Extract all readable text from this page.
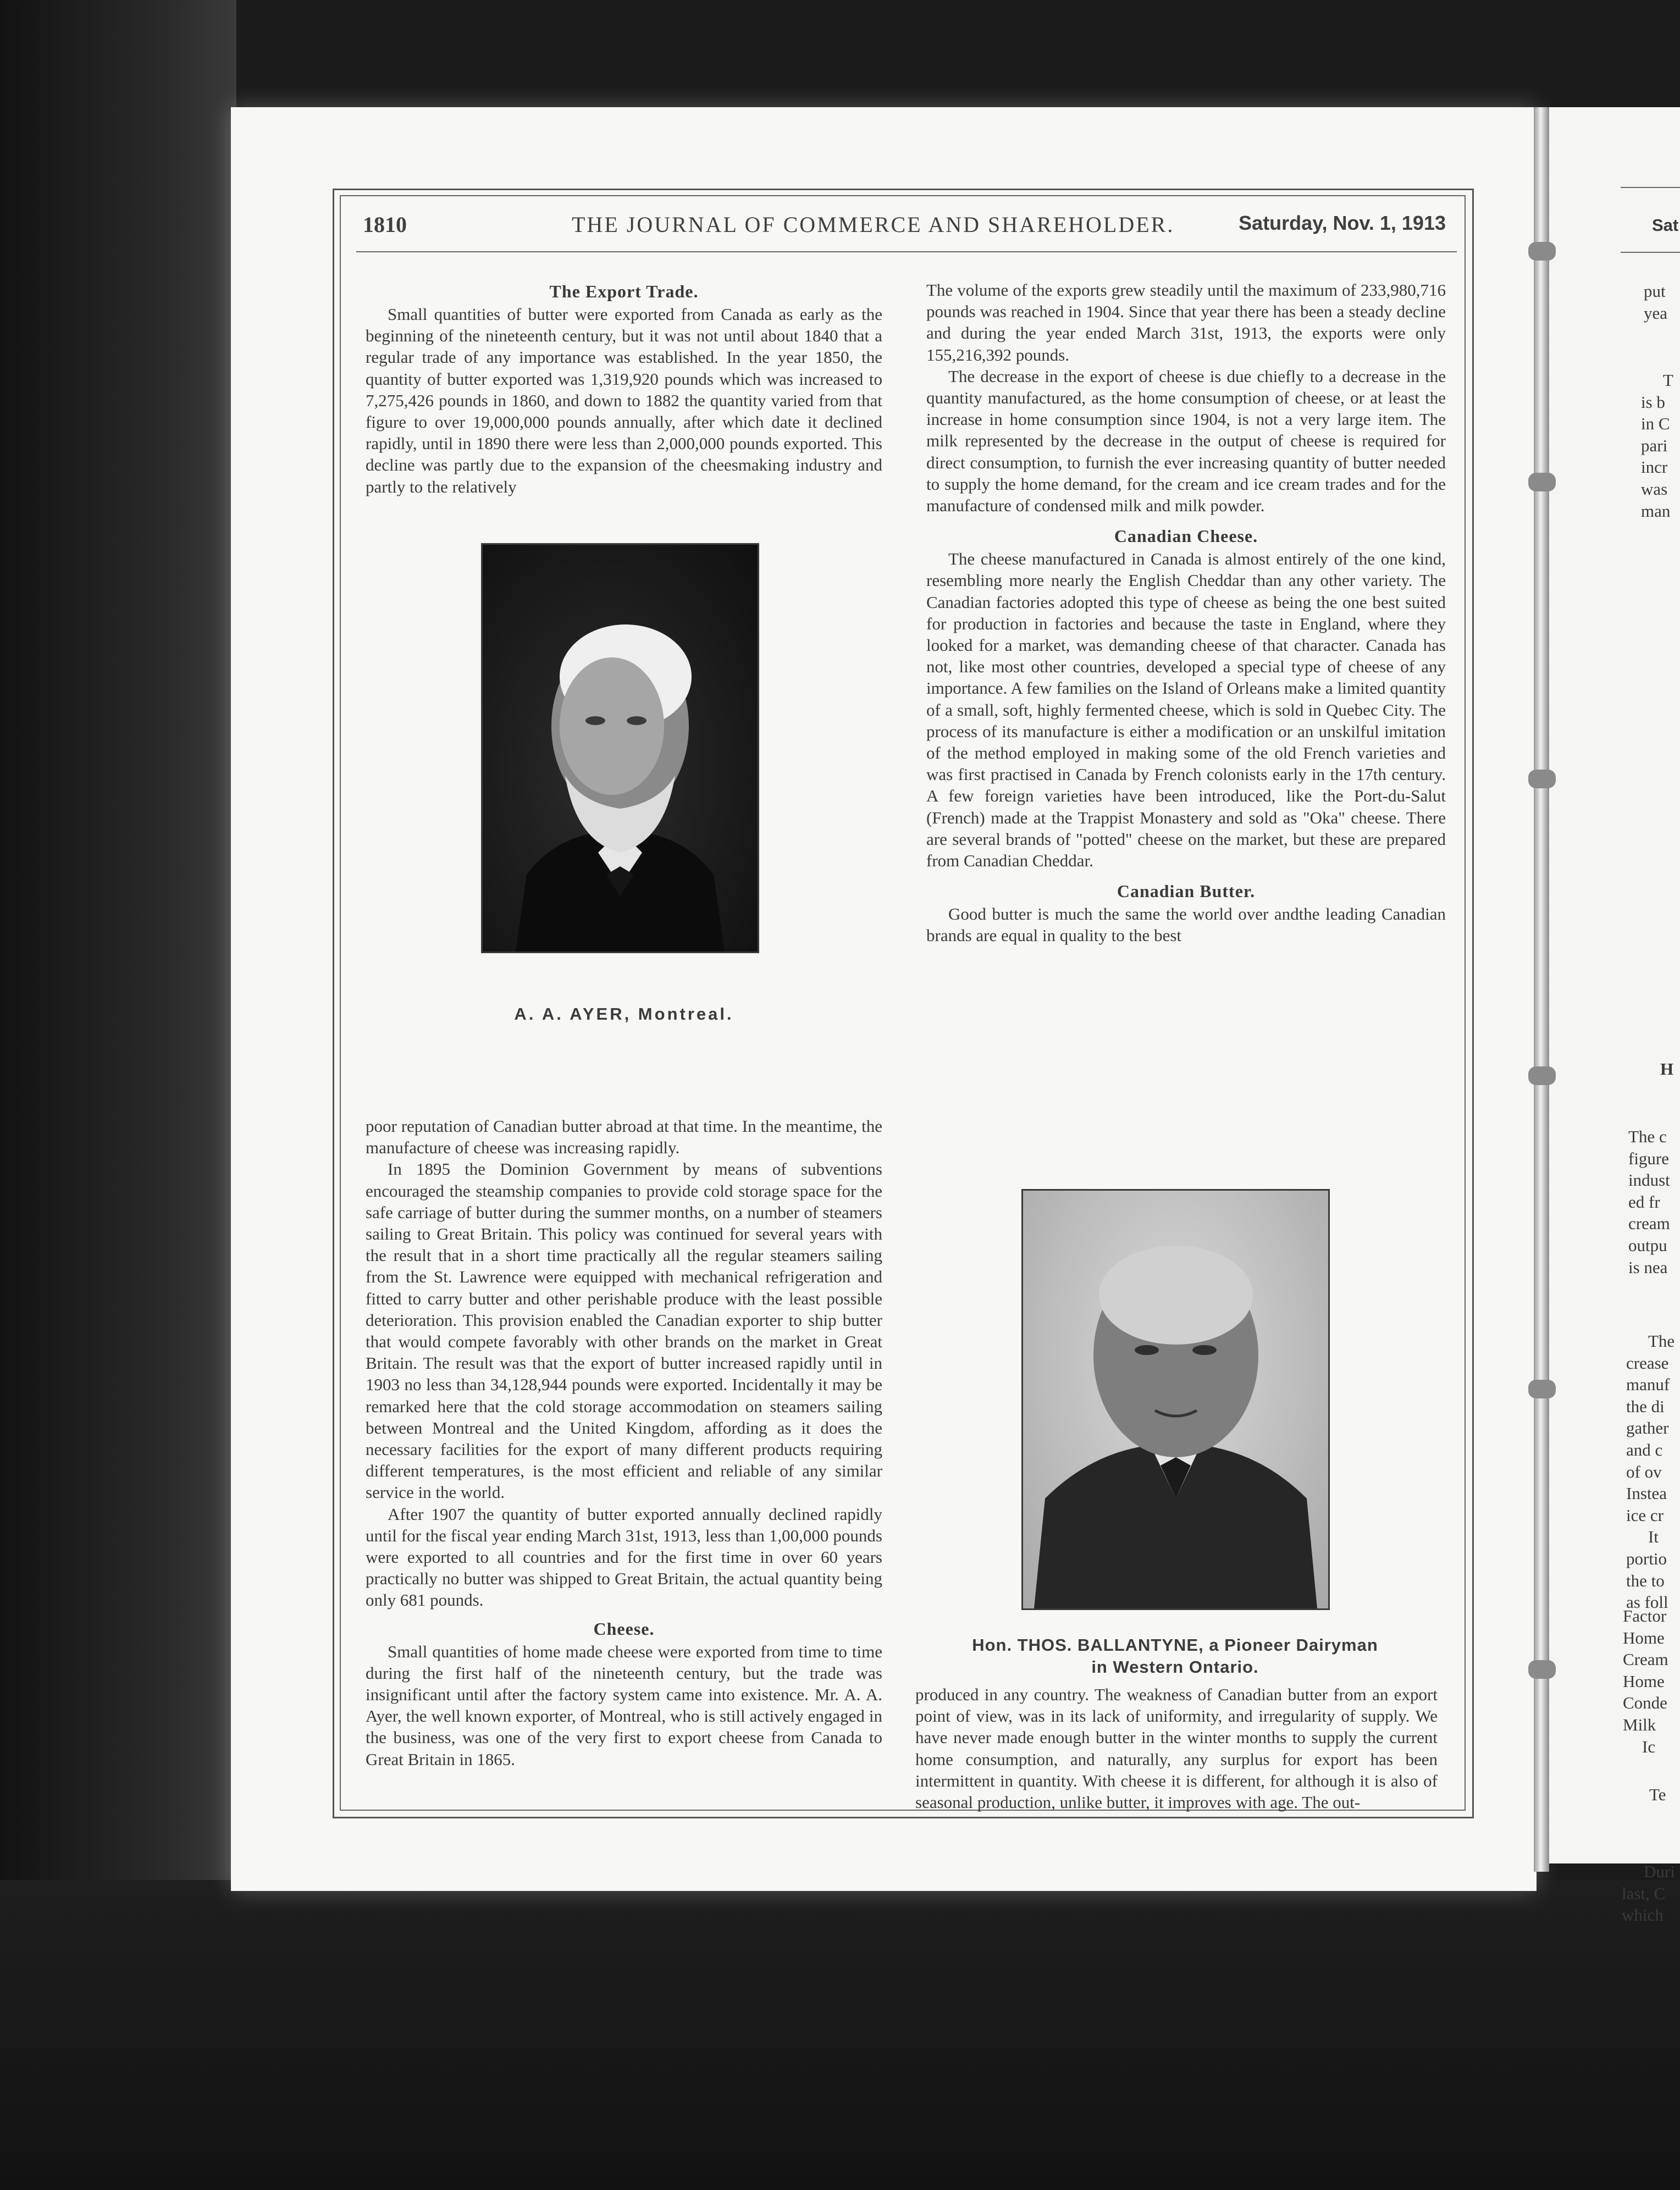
1810	THE JOURNAL OF COMMERCE AND SHAREHOLDER.	Saturday, Nov. 1, 1913
The Export Trade.

Small quantities of butter were exported from Canada as early as the beginning of the nineteenth century, but it was not until about 1840 that a regular trade of any importance was established. In the year 1850, the quantity of butter exported was 1,319,920 pounds which was increased to 7,275,426 pounds in 1860, and down to 1882 the quantity varied from that figure to over 19,000,000 pounds annually, after which date it declined rapidly, until in 1890 there were less than 2,000,000 pounds exported. This decline was partly due to the expansion of the cheesmaking industry and partly to the relatively

A. A. AYER, Montreal.

poor reputation of Canadian butter abroad at that time. In the meantime, the manufacture of cheese was increasing rapidly.

In 1895 the Dominion Government by means of subventions encouraged the steamship companies to provide cold storage space for the safe carriage of butter during the summer months, on a number of steamers sailing to Great Britain. This policy was continued for several years with the result that in a short time practically all the regular steamers sailing from the St. Lawrence were equipped with mechanical refrigeration and fitted to carry butter and other perishable produce with the least possible deterioration. This provision enabled the Canadian exporter to ship butter that would compete favorably with other brands on the market in Great Britain. The result was that the export of butter increased rapidly until in 1903 no less than 34,128,944 pounds were exported. Incidentally it may be remarked here that the cold storage accommodation on steamers sailing between Montreal and the United Kingdom, affording as it does the necessary facilities for the export of many different products requiring different temperatures, is the most efficient and reliable of any similar service in the world.

After 1907 the quantity of butter exported annually declined rapidly until for the fiscal year ending March 31st, 1913, less than 1,00,000 pounds were exported to all countries and for the first time in over 60 years practically no butter was shipped to Great Britain, the actual quantity being only 681 pounds.

Cheese.

Small quantities of home made cheese were exported from time to time during the first half of the nineteenth century, but the trade was insignificant until after the factory system came into existence. Mr. A. A. Ayer, the well known exporter, of Montreal, who is still actively engaged in the business, was one of the very first to export cheese from Canada to Great Britain in 1865.

The volume of the exports grew steadily until the maximum of 233,980,716 pounds was reached in 1904. Since that year there has been a steady decline and during the year ended March 31st, 1913, the exports were only 155,216,392 pounds.

The decrease in the export of cheese is due chiefly to a decrease in the quantity manufactured, as the home consumption of cheese, or at least the increase in home consumption since 1904, is not a very large item. The milk represented by the decrease in the output of cheese is required for direct consumption, to furnish the ever increasing quantity of butter needed to supply the home demand, for the cream and ice cream trades and for the manufacture of condensed milk and milk powder.

Canadian Cheese.

The cheese manufactured in Canada is almost entirely of the one kind, resembling more nearly the English Cheddar than any other variety. The Canadian factories adopted this type of cheese as being the one best suited for production in factories and because the taste in England, where they looked for a market, was demanding cheese of that character. Canada has not, like most other countries, developed a special type of cheese of any importance. A few families on the Island of Orleans make a limited quantity of a small, soft, highly fermented cheese, which is sold in Quebec City. The process of its manufacture is either a modification or an unskilful imitation of the method employed in making some of the old French varieties and was first practised in Canada by French colonists early in the 17th century. A few foreign varieties have been introduced, like the Port-du-Salut (French) made at the Trappist Monastery and sold as "Oka" cheese. There are several brands of "potted" cheese on the market, but these are prepared from Canadian Cheddar.

Canadian Butter.

Good butter is much the same the world over andthe leading Canadian brands are equal in quality to the best

Hon. THOS. BALLANTYNE, a Pioneer Dairyman
in Western Ontario.

produced in any country. The weakness of Canadian butter from an export point of view, was in its lack of uniformity, and irregularity of supply. We have never made enough butter in the winter months to supply the current home consumption, and naturally, any surplus for export has been intermittent in quantity. With cheese it is different, for although it is also of seasonal production, unlike butter, it improves with age. The out-

Sat
put
yea
T
is b
in C
pari
incr
was
man
H
The c
figure
indust
ed fr
cream
outpu
is nea
The
crease
manuf
the di
gather
and c
of ov
Instea
ice cr
It
portio
the to
as foll
Factor
Home
Cream
Home
Conde
Milk
Ic
Te
Duri
last, C
which
